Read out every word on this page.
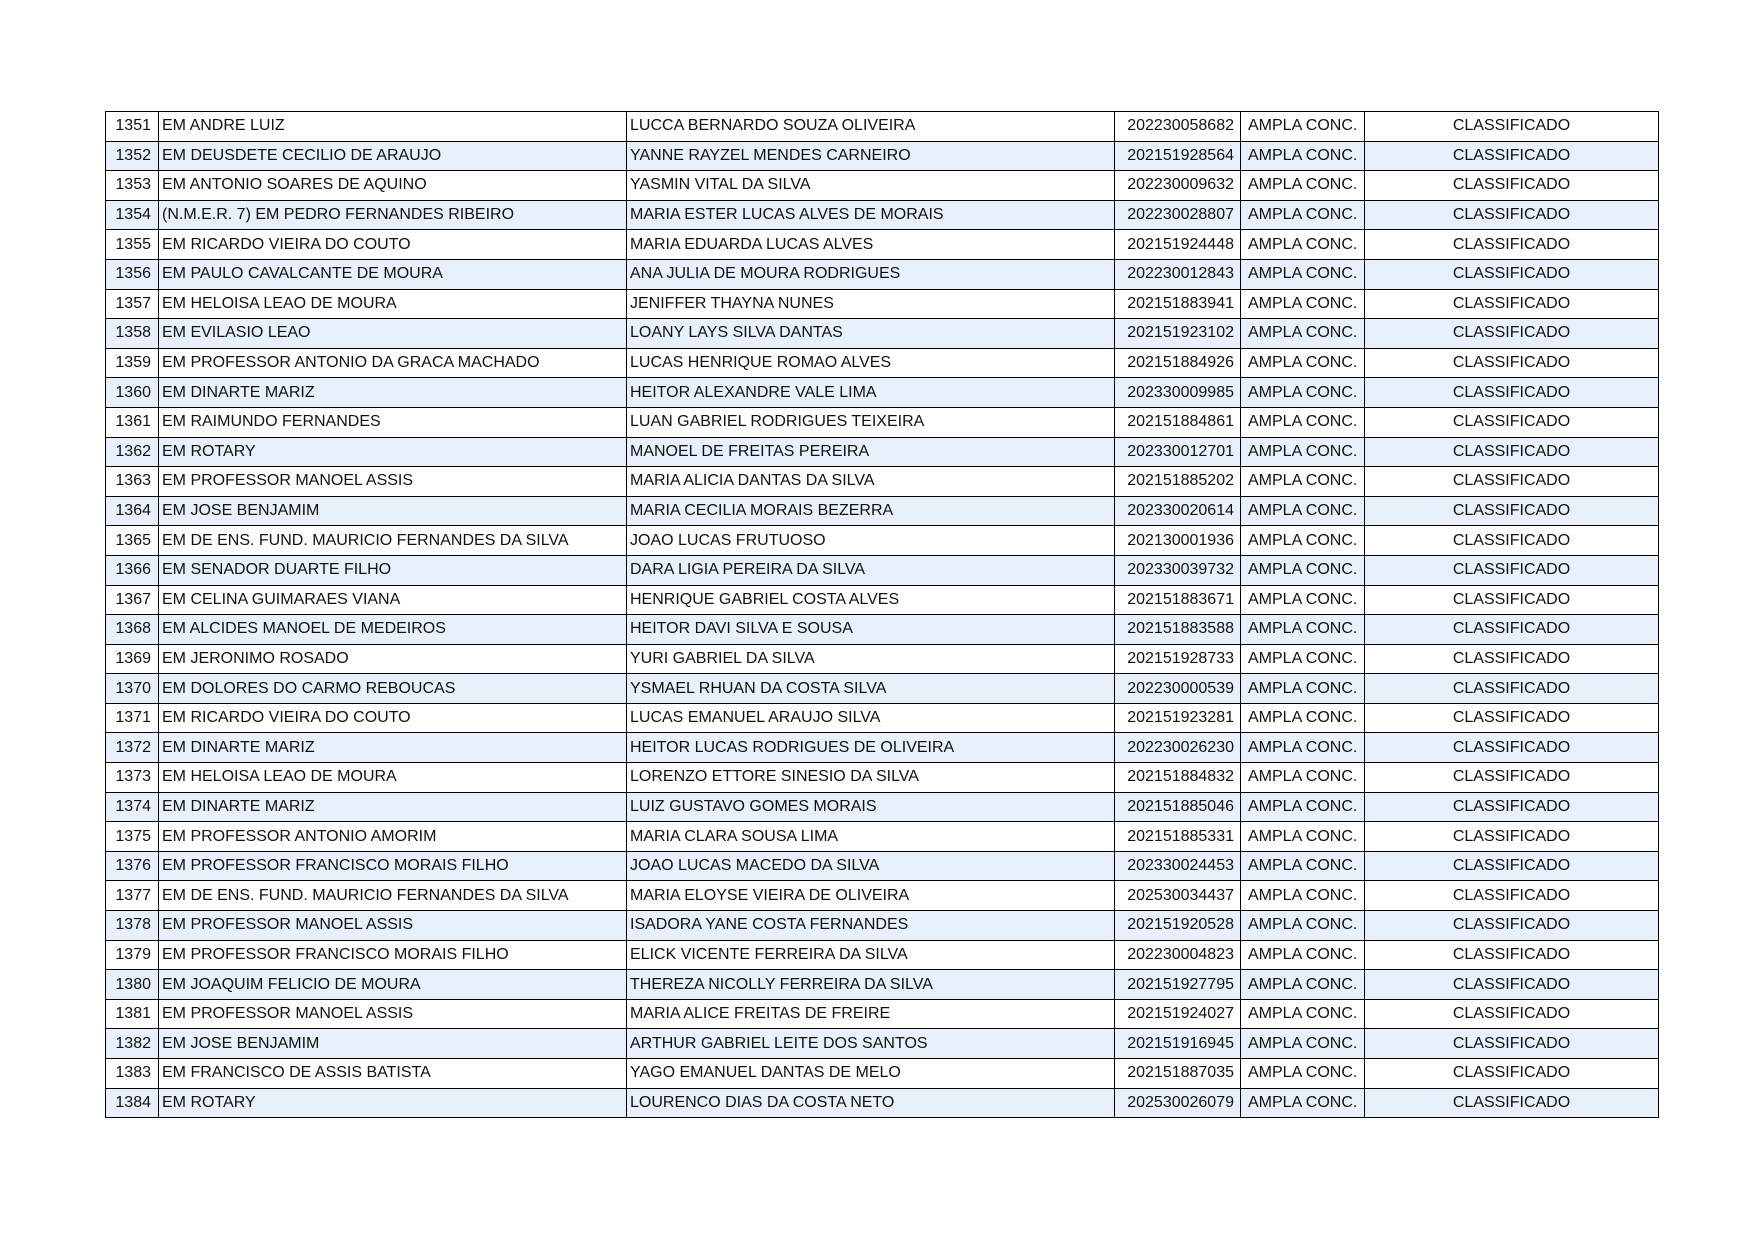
1351	EM ANDRE LUIZ	LUCCA BERNARDO SOUZA OLIVEIRA	202230058682	AMPLA CONC.	CLASSIFICADO
1352	EM DEUSDETE CECILIO DE ARAUJO	YANNE RAYZEL MENDES CARNEIRO	202151928564	AMPLA CONC.	CLASSIFICADO
1353	EM ANTONIO SOARES DE AQUINO	YASMIN VITAL DA SILVA	202230009632	AMPLA CONC.	CLASSIFICADO
1354	(N.M.E.R. 7) EM PEDRO FERNANDES RIBEIRO	MARIA ESTER LUCAS ALVES DE MORAIS	202230028807	AMPLA CONC.	CLASSIFICADO
1355	EM RICARDO VIEIRA DO COUTO	MARIA EDUARDA LUCAS ALVES	202151924448	AMPLA CONC.	CLASSIFICADO
1356	EM PAULO CAVALCANTE DE MOURA	ANA JULIA DE MOURA RODRIGUES	202230012843	AMPLA CONC.	CLASSIFICADO
1357	EM HELOISA LEAO DE MOURA	JENIFFER THAYNA NUNES	202151883941	AMPLA CONC.	CLASSIFICADO
1358	EM EVILASIO LEAO	LOANY LAYS SILVA DANTAS	202151923102	AMPLA CONC.	CLASSIFICADO
1359	EM PROFESSOR ANTONIO DA GRACA MACHADO	LUCAS HENRIQUE ROMAO ALVES	202151884926	AMPLA CONC.	CLASSIFICADO
1360	EM DINARTE MARIZ	HEITOR ALEXANDRE VALE LIMA	202330009985	AMPLA CONC.	CLASSIFICADO
1361	EM RAIMUNDO FERNANDES	LUAN GABRIEL RODRIGUES TEIXEIRA	202151884861	AMPLA CONC.	CLASSIFICADO
1362	EM ROTARY	MANOEL DE FREITAS PEREIRA	202330012701	AMPLA CONC.	CLASSIFICADO
1363	EM PROFESSOR MANOEL ASSIS	MARIA ALICIA DANTAS DA SILVA	202151885202	AMPLA CONC.	CLASSIFICADO
1364	EM JOSE BENJAMIM	MARIA CECILIA MORAIS BEZERRA	202330020614	AMPLA CONC.	CLASSIFICADO
1365	EM DE ENS. FUND. MAURICIO FERNANDES DA SILVA	JOAO LUCAS FRUTUOSO	202130001936	AMPLA CONC.	CLASSIFICADO
1366	EM SENADOR DUARTE FILHO	DARA LIGIA PEREIRA DA SILVA	202330039732	AMPLA CONC.	CLASSIFICADO
1367	EM CELINA GUIMARAES VIANA	HENRIQUE GABRIEL COSTA ALVES	202151883671	AMPLA CONC.	CLASSIFICADO
1368	EM ALCIDES MANOEL DE MEDEIROS	HEITOR DAVI SILVA E SOUSA	202151883588	AMPLA CONC.	CLASSIFICADO
1369	EM JERONIMO ROSADO	YURI GABRIEL DA SILVA	202151928733	AMPLA CONC.	CLASSIFICADO
1370	EM DOLORES DO CARMO REBOUCAS	YSMAEL RHUAN DA COSTA SILVA	202230000539	AMPLA CONC.	CLASSIFICADO
1371	EM RICARDO VIEIRA DO COUTO	LUCAS EMANUEL ARAUJO SILVA	202151923281	AMPLA CONC.	CLASSIFICADO
1372	EM DINARTE MARIZ	HEITOR LUCAS RODRIGUES DE OLIVEIRA	202230026230	AMPLA CONC.	CLASSIFICADO
1373	EM HELOISA LEAO DE MOURA	LORENZO ETTORE SINESIO DA SILVA	202151884832	AMPLA CONC.	CLASSIFICADO
1374	EM DINARTE MARIZ	LUIZ GUSTAVO GOMES MORAIS	202151885046	AMPLA CONC.	CLASSIFICADO
1375	EM PROFESSOR ANTONIO AMORIM	MARIA CLARA SOUSA LIMA	202151885331	AMPLA CONC.	CLASSIFICADO
1376	EM PROFESSOR FRANCISCO MORAIS FILHO	JOAO LUCAS MACEDO DA SILVA	202330024453	AMPLA CONC.	CLASSIFICADO
1377	EM DE ENS. FUND. MAURICIO FERNANDES DA SILVA	MARIA ELOYSE VIEIRA DE OLIVEIRA	202530034437	AMPLA CONC.	CLASSIFICADO
1378	EM PROFESSOR MANOEL ASSIS	ISADORA YANE COSTA FERNANDES	202151920528	AMPLA CONC.	CLASSIFICADO
1379	EM PROFESSOR FRANCISCO MORAIS FILHO	ELICK VICENTE FERREIRA DA SILVA	202230004823	AMPLA CONC.	CLASSIFICADO
1380	EM JOAQUIM FELICIO DE MOURA	THEREZA NICOLLY FERREIRA DA SILVA	202151927795	AMPLA CONC.	CLASSIFICADO
1381	EM PROFESSOR MANOEL ASSIS	MARIA ALICE FREITAS DE FREIRE	202151924027	AMPLA CONC.	CLASSIFICADO
1382	EM JOSE BENJAMIM	ARTHUR GABRIEL LEITE DOS SANTOS	202151916945	AMPLA CONC.	CLASSIFICADO
1383	EM FRANCISCO DE ASSIS BATISTA	YAGO EMANUEL DANTAS DE MELO	202151887035	AMPLA CONC.	CLASSIFICADO
1384	EM ROTARY	LOURENCO DIAS DA COSTA NETO	202530026079	AMPLA CONC.	CLASSIFICADO
